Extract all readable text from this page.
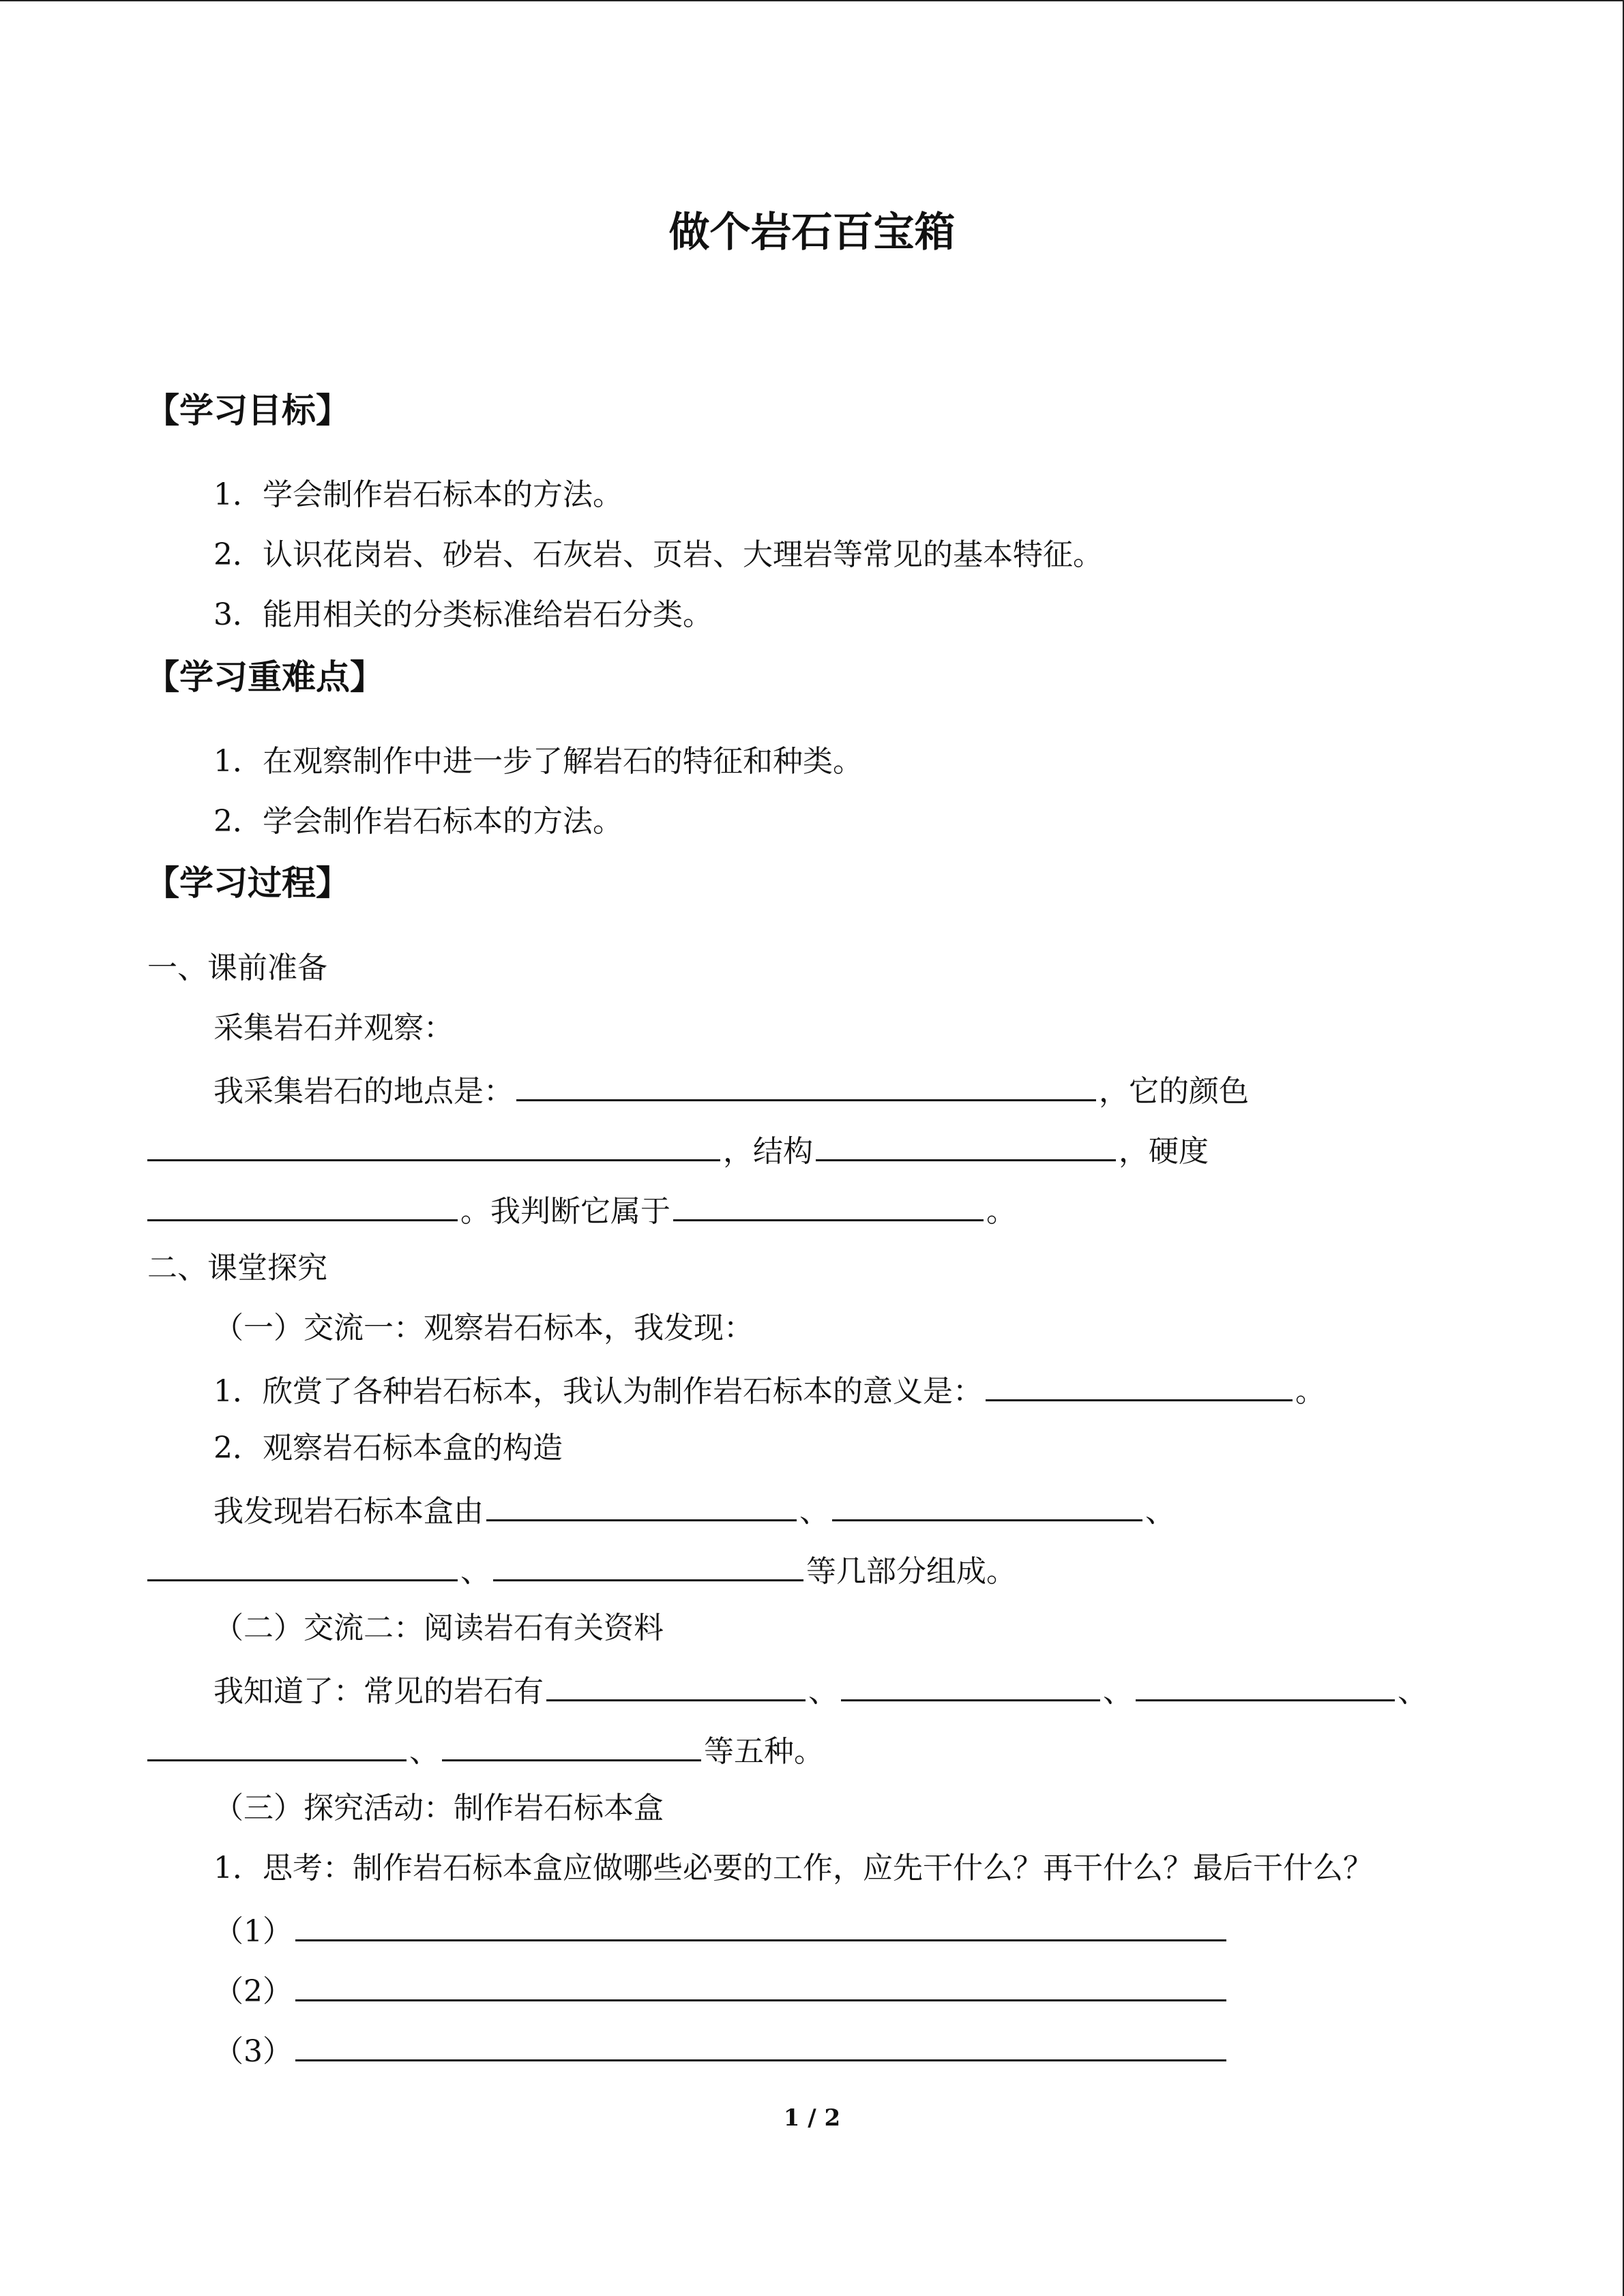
做个岩石百宝箱
【学习目标】
1．学会制作岩石标本的方法。
2．认识花岗岩、砂岩、石灰岩、页岩、大理岩等常见的基本特征。
3．能用相关的分类标准给岩石分类。
【学习重难点】
1．在观察制作中进一步了解岩石的特征和种类。
2．学会制作岩石标本的方法。
【学习过程】
一、课前准备
采集岩石并观察：
我采集岩石的地点是：	，它的颜色
，结构	，硬度
。我判断它属于	。
二、课堂探究
（一）交流一：观察岩石标本，我发现：
1．欣赏了各种岩石标本，我认为制作岩石标本的意义是：	。
2．观察岩石标本盒的构造
我发现岩石标本盒由	、	、
、	等几部分组成。
（二）交流二：阅读岩石有关资料
我知道了：常见的岩石有	、	、	、
、	等五种。
（三）探究活动：制作岩石标本盒
1．思考：制作岩石标本盒应做哪些必要的工作，应先干什么？再干什么？最后干什么？
（1）
（2）
（3）
1 / 2
